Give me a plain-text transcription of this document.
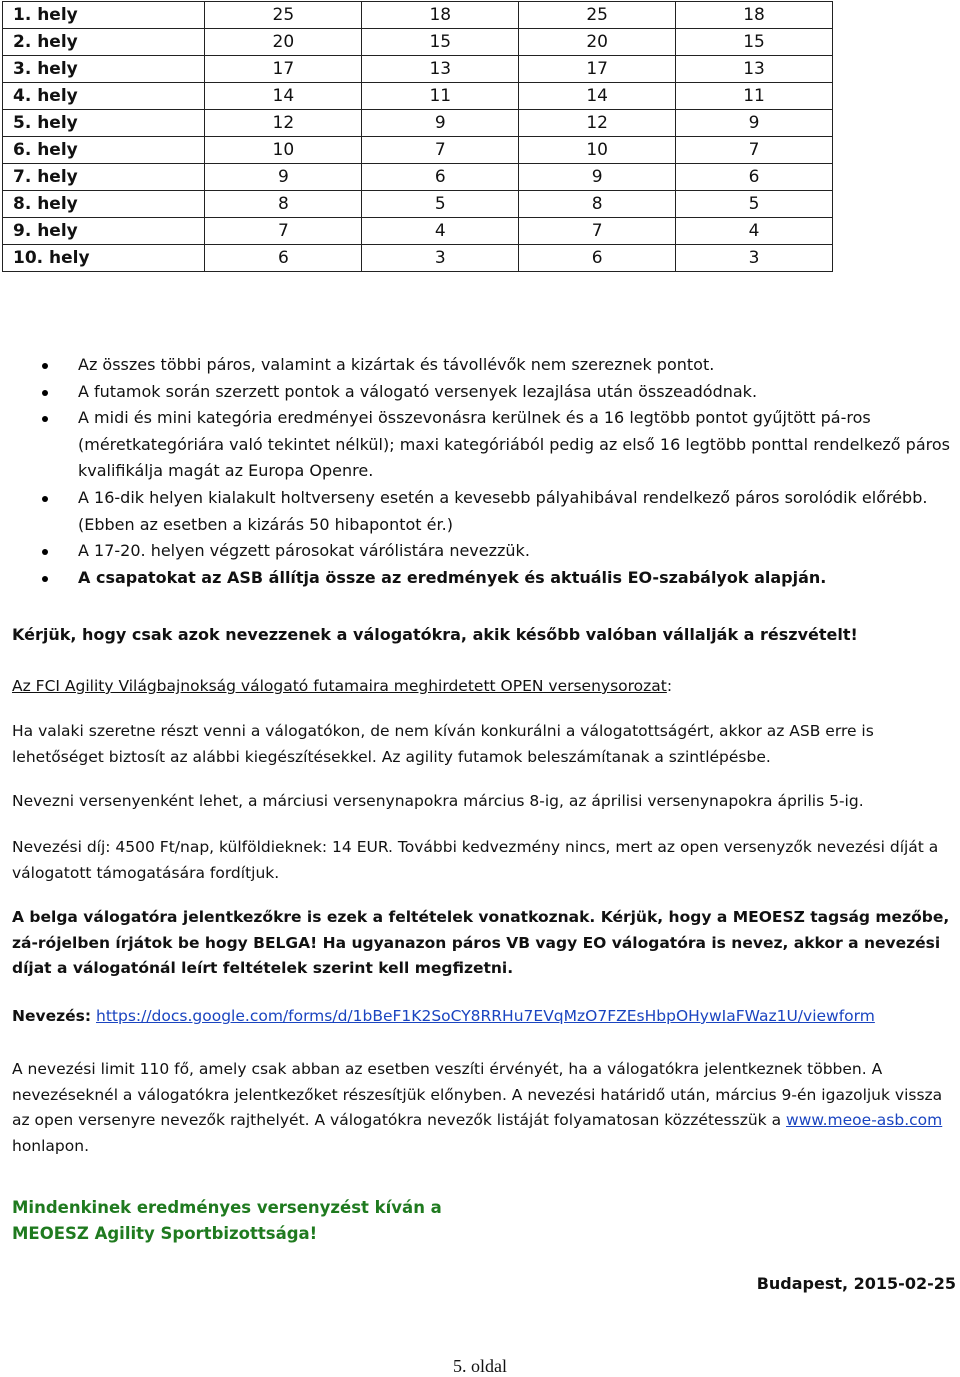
1. hely	25	18	25	18
2. hely	20	15	20	15
3. hely	17	13	17	13
4. hely	14	11	14	11
5. hely	12	9	12	9
6. hely	10	7	10	7
7. hely	9	6	9	6
8. hely	8	5	8	5
9. hely	7	4	7	4
10. hely	6	3	6	3
Az összes többi páros, valamint a kizártak és távollévők nem szereznek pontot.
A futamok során szerzett pontok a válogató versenyek lezajlása után összeadódnak.
A midi és mini kategória eredményei összevonásra kerülnek és a 16 legtöbb pontot gyűjtött pá-ros (méretkategóriára való tekintet nélkül); maxi kategóriából pedig az első 16 legtöbb ponttal rendelkező páros kvalifikálja magát az Europa Openre.
A 16-dik helyen kialakult holtverseny esetén a kevesebb pályahibával rendelkező páros sorolódik előrébb. (Ebben az esetben a kizárás 50 hibapontot ér.)
A 17-20. helyen végzett párosokat várólistára nevezzük.
A csapatokat az ASB állítja össze az eredmények és aktuális EO-szabályok alapján.

Kérjük, hogy csak azok nevezzenek a válogatókra, akik később valóban vállalják a részvételt!

Az FCI Agility Világbajnokság válogató futamaira meghirdetett OPEN versenysorozat:

Ha valaki szeretne részt venni a válogatókon, de nem kíván konkurálni a válogatottságért, akkor az ASB erre is lehetőséget biztosít az alábbi kiegészítésekkel. Az agility futamok beleszámítanak a szintlépésbe.

Nevezni versenyenként lehet, a márciusi versenynapokra március 8-ig, az áprilisi versenynapokra április 5-ig.

Nevezési díj: 4500 Ft/nap, külföldieknek: 14 EUR. További kedvezmény nincs, mert az open versenyzők nevezési díját a válogatott támogatására fordítjuk.

A belga válogatóra jelentkezőkre is ezek a feltételek vonatkoznak. Kérjük, hogy a MEOESZ tagság mezőbe, zá-rójelben írjátok be hogy BELGA! Ha ugyanazon páros VB vagy EO válogatóra is nevez, akkor a nevezési díjat a válogatónál leírt feltételek szerint kell megfizetni.

Nevezés: https://docs.google.com/forms/d/1bBeF1K2SoCY8RRHu7EVqMzO7FZEsHbpOHywIaFWaz1U/viewform

A nevezési limit 110 fő, amely csak abban az esetben veszíti érvényét, ha a válogatókra jelentkeznek többen. A nevezéseknél a válogatókra jelentkezőket részesítjük előnyben. A nevezési határidő után, március 9-én igazoljuk vissza az open versenyre nevezők rajthelyét. A válogatókra nevezők listáját folyamatosan közzétesszük a www.meoe-asb.com honlapon.

Mindenkinek eredményes versenyzést kíván a
MEOESZ Agility Sportbizottsága!

Budapest, 2015-02-25
5. oldal
